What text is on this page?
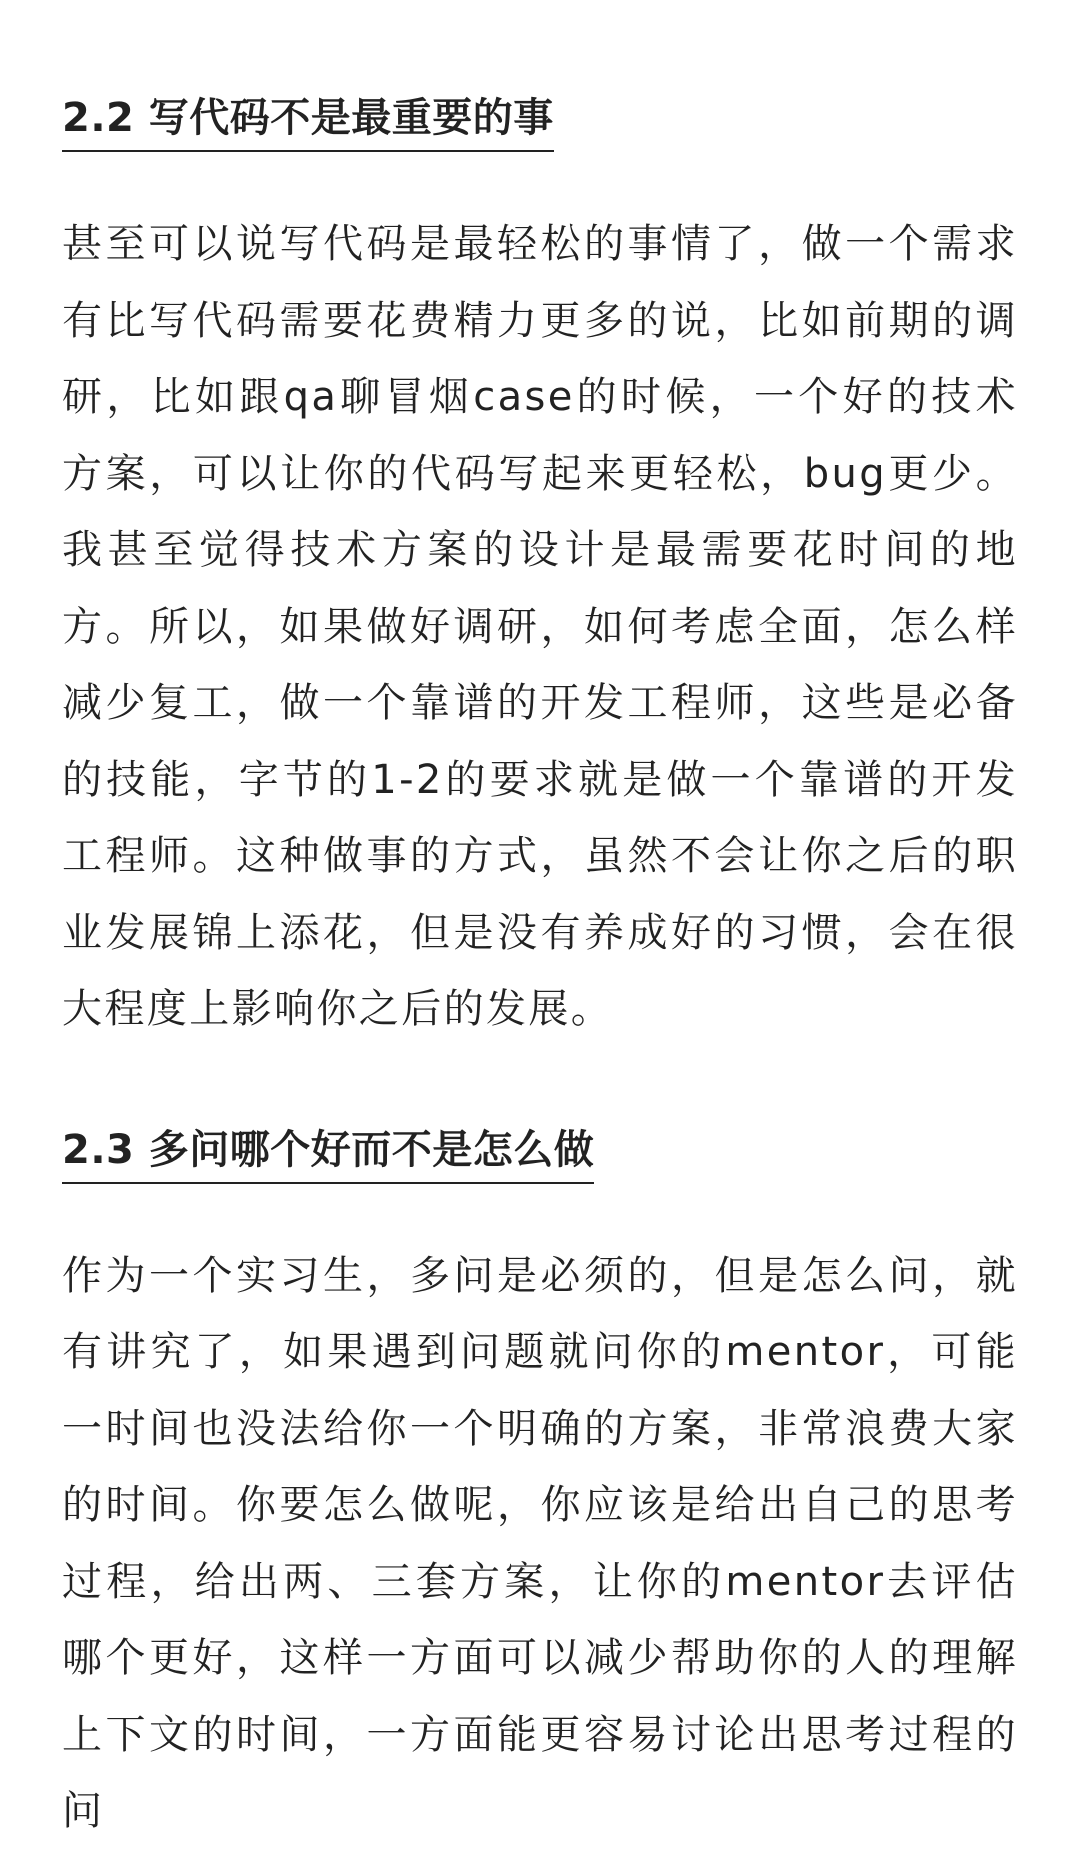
2.2 写代码不是最重要的事

甚至可以说写代码是最轻松的事情了，做一个需求有比写代码需要花费精力更多的说，比如前期的调研，比如跟qa聊冒烟case的时候，一个好的技术方案，可以让你的代码写起来更轻松，bug更少。我甚至觉得技术方案的设计是最需要花时间的地方。所以，如果做好调研，如何考虑全面，怎么样减少复工，做一个靠谱的开发工程师，这些是必备的技能，字节的1-2的要求就是做一个靠谱的开发工程师。这种做事的方式，虽然不会让你之后的职业发展锦上添花，但是没有养成好的习惯，会在很大程度上影响你之后的发展。

2.3 多问哪个好而不是怎么做

作为一个实习生，多问是必须的，但是怎么问，就有讲究了，如果遇到问题就问你的mentor，可能一时间也没法给你一个明确的方案，非常浪费大家的时间。你要怎么做呢，你应该是给出自己的思考过程，给出两、三套方案，让你的mentor去评估哪个更好，这样一方面可以减少帮助你的人的理解上下文的时间，一方面能更容易讨论出思考过程的问
